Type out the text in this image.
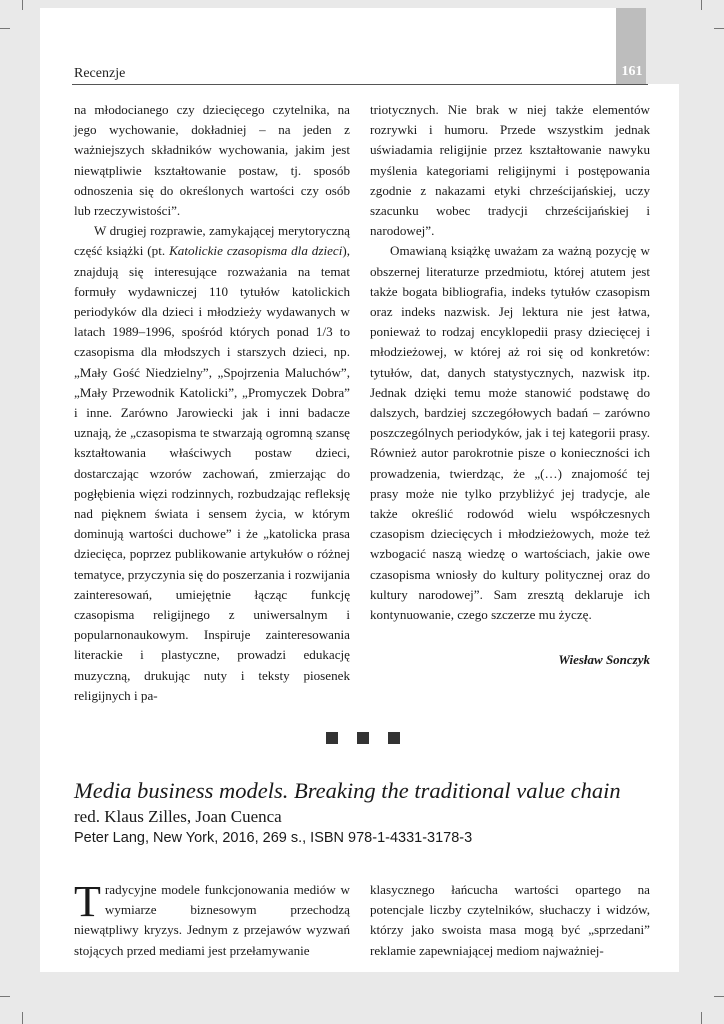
161
Recenzje

na młodocianego czy dziecięcego czytelnika, na jego wychowanie, dokładniej – na jeden z ważniejszych składników wychowania, jakim jest niewątpliwie kształtowanie postaw, tj. sposób odnoszenia się do określonych wartości czy osób lub rzeczywistości”.

W drugiej rozprawie, zamykającej merytoryczną część książki (pt. Katolickie czasopisma dla dzieci), znajdują się interesujące rozważania na temat formuły wydawniczej 110 tytułów katolickich periodyków dla dzieci i młodzieży wydawanych w latach 1989–1996, spośród których ponad 1/3 to czasopisma dla młodszych i starszych dzieci, np. „Mały Gość Niedzielny”, „Spojrzenia Maluchów”, „Mały Przewodnik Katolicki”, „Promyczek Dobra” i inne. Zarówno Jarowiecki jak i inni badacze uznają, że „czasopisma te stwarzają ogromną szansę kształtowania właściwych postaw dzieci, dostarczając wzorów zachowań, zmierzając do pogłębienia więzi rodzinnych, rozbudzając refleksję nad pięknem świata i sensem życia, w którym dominują wartości duchowe” i że „katolicka prasa dziecięca, poprzez publikowanie artykułów o różnej tematyce, przyczynia się do poszerzania i rozwijania zainteresowań, umiejętnie łącząc funkcję czasopisma religijnego z uniwersalnym i popularnonaukowym. Inspiruje zainteresowania literackie i plastyczne, prowadzi edukację muzyczną, drukując nuty i teksty piosenek religijnych i pa-

triotycznych. Nie brak w niej także elementów rozrywki i humoru. Przede wszystkim jednak uświadamia religijnie przez kształtowanie nawyku myślenia kategoriami religijnymi i postępowania zgodnie z nakazami etyki chrześcijańskiej, uczy szacunku wobec tradycji chrześcijańskiej i narodowej”.

Omawianą książkę uważam za ważną pozycję w obszernej literaturze przedmiotu, której atutem jest także bogata bibliografia, indeks tytułów czasopism oraz indeks nazwisk. Jej lektura nie jest łatwa, ponieważ to rodzaj encyklopedii prasy dziecięcej i młodzieżowej, w której aż roi się od konkretów: tytułów, dat, danych statystycznych, nazwisk itp. Jednak dzięki temu może stanowić podstawę do dalszych, bardziej szczegółowych badań – zarówno poszczególnych periodyków, jak i tej kategorii prasy. Również autor parokrotnie pisze o konieczności ich prowadzenia, twierdząc, że „(…) znajomość tej prasy może nie tylko przybliżyć jej tradycje, ale także określić rodowód wielu współczesnych czasopism dziecięcych i młodzieżowych, może też wzbogacić naszą wiedzę o wartościach, jakie owe czasopisma wniosły do kultury politycznej oraz do kultury narodowej”. Sam zresztą deklaruje ich kontynuowanie, czego szczerze mu życzę.

Wiesław Sonczyk
Media business models. Breaking the traditional value chain
red. Klaus Zilles, Joan Cuenca
Peter Lang, New York, 2016, 269 s., ISBN 978-1-4331-3178-3

Tradycyjne modele funkcjonowania mediów w wymiarze biznesowym przechodzą niewątpliwy kryzys. Jednym z przejawów wyzwań stojących przed mediami jest przełamywanie

klasycznego łańcucha wartości opartego na potencjale liczby czytelników, słuchaczy i widzów, którzy jako swoista masa mogą być „sprzedani” reklamie zapewniającej mediom najważniej-
